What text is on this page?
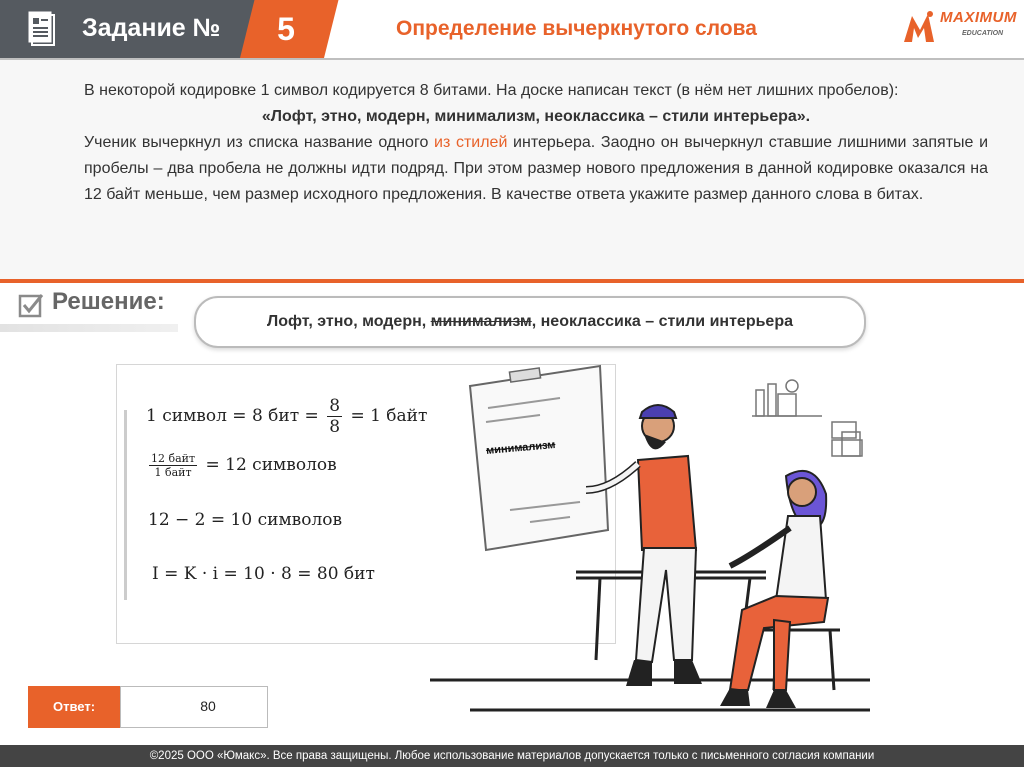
Задание №	5	Определение вычеркнутого слова	MAXIMUM
EDUCATION

В некоторой кодировке 1 символ кодируется 8 битами. На доске написан текст (в нём нет лишних пробелов):

«Лофт, этно, модерн, минимализм, неоклассика – стили интерьера».

Ученик вычеркнул из списка название одного из стилей интерьера. Заодно он вычеркнул ставшие лишними запятые и пробелы – два пробела не должны идти подряд. При этом размер нового предложения в данной кодировке оказался на 12 байт меньше, чем размер исходного предложения. В качестве ответа укажите размер данного слова в битах.

Решение:
Лофт, этно, модерн, минимализм, неоклассика – стили интерьера
1 символ = 8 бит = $\frac{8}{8} = 1$ байт
$\frac{\text{12 байт}}{\text{1 байт}} = 12$ символов
12 − 2 = 10 символов
I = K · i = 10 · 8 = 80 бит
минимализм
Ответ:	80
©2025 ООО «Юмакс». Все права защищены. Любое использование материалов допускается только с письменного согласия компании
